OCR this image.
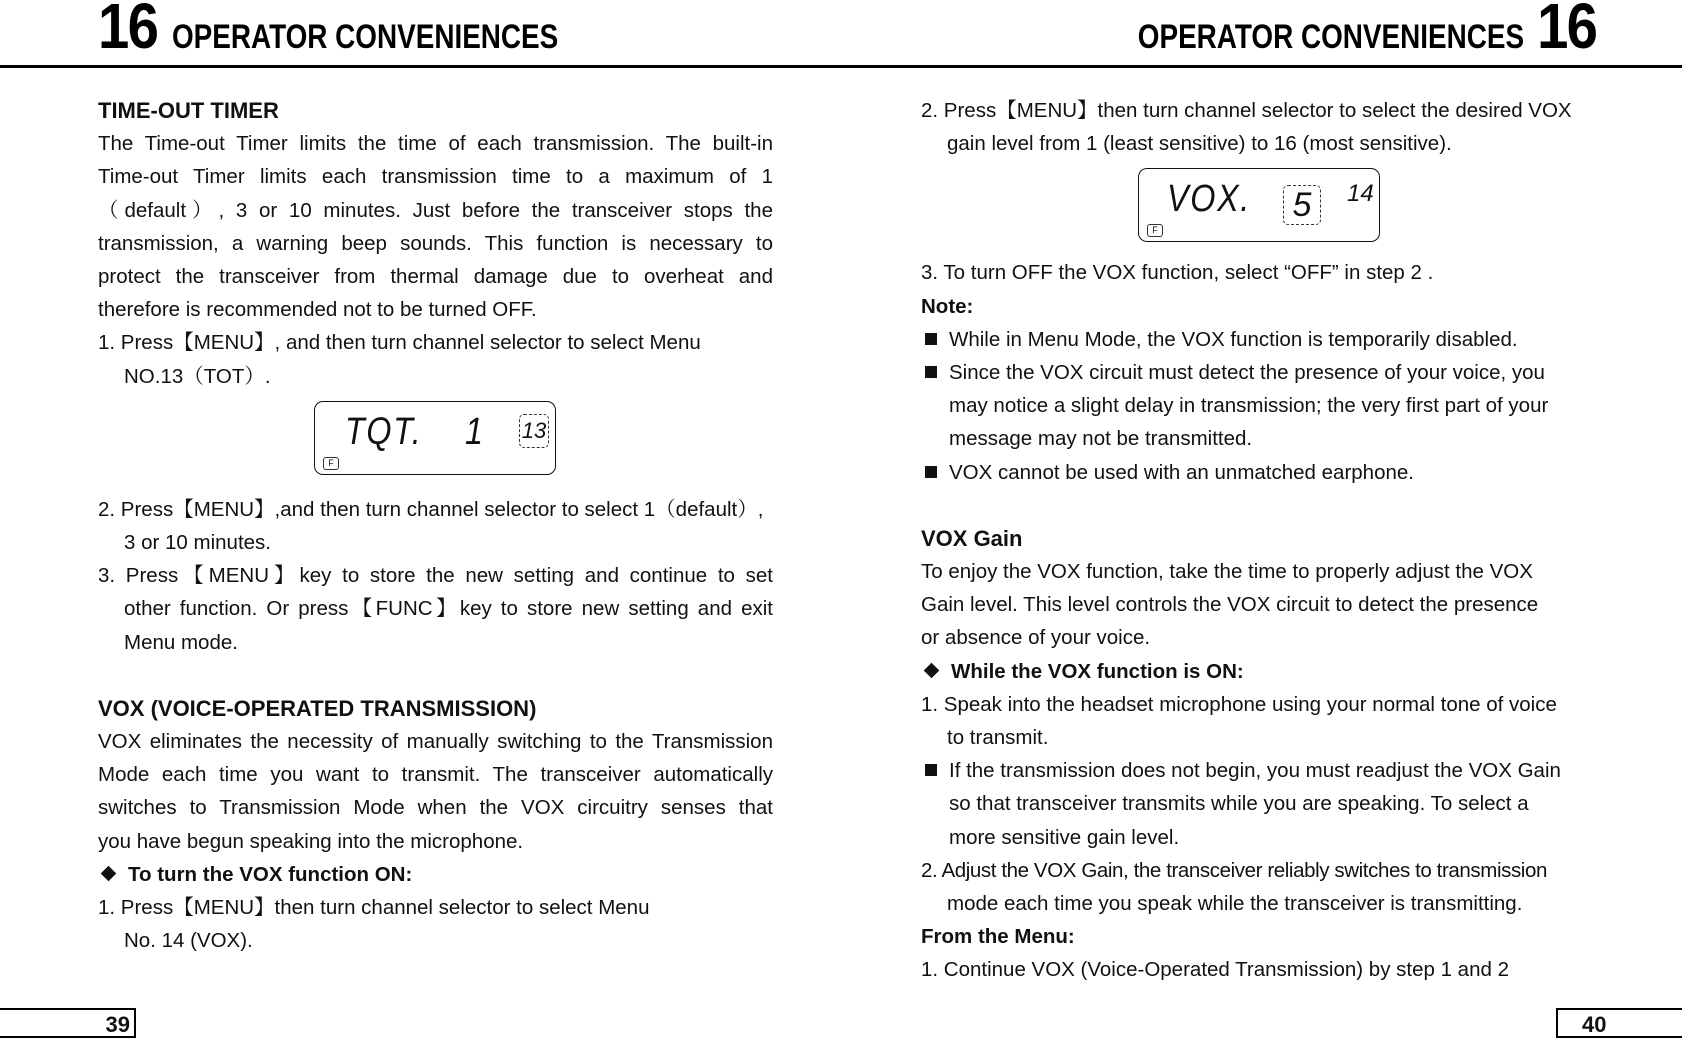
16 OPERATOR CONVENIENCES	OPERATOR CONVENIENCES 16

TIME-OUT TIMER

The Time-out Timer limits the time of each transmission. The built-in

Time-out Timer limits each transmission time to a maximum of 1

（default）, 3 or 10 minutes. Just before the transceiver stops the

transmission, a warning beep sounds. This function is necessary to

protect the transceiver from thermal damage due to overheat and

therefore is recommended not to be turned OFF.

1. Press【MENU】, and then turn channel selector to select Menu

NO.13（TOT）.

TQT. 1 13
F

2. Press【MENU】,and then turn channel selector to select 1（default）,

3 or 10 minutes.

3. Press【MENU】key to store the new setting and continue to set

other function. Or press【FUNC】key to store new setting and exit

Menu mode.

VOX (VOICE-OPERATED TRANSMISSION)

VOX eliminates the necessity of manually switching to the Transmission

Mode each time you want to transmit. The transceiver automatically

switches to Transmission Mode when the VOX circuitry senses that

you have begun speaking into the microphone.

To turn the VOX function ON:

1. Press【MENU】then turn channel selector to select Menu

No. 14 (VOX).

2. Press【MENU】then turn channel selector to select the desired VOX

gain level from 1 (least sensitive) to 16 (most sensitive).

VOX. 5	14
F

3. To turn OFF the VOX function, select “OFF” in step 2 .

Note:

While in Menu Mode, the VOX function is temporarily disabled.

Since the VOX circuit must detect the presence of your voice, you

may notice a slight delay in transmission; the very first part of your

message may not be transmitted.

VOX cannot be used with an unmatched earphone.

VOX Gain

To enjoy the VOX function, take the time to properly adjust the VOX

Gain level. This level controls the VOX circuit to detect the presence

or absence of your voice.

While the VOX function is ON:

1. Speak into the headset microphone using your normal tone of voice

to transmit.

If the transmission does not begin, you must readjust the VOX Gain

so that transceiver transmits while you are speaking. To select a

more sensitive gain level.

2. Adjust the VOX Gain, the transceiver reliably switches to transmission

mode each time you speak while the transceiver is transmitting.

From the Menu:

1. Continue VOX (Voice-Operated Transmission) by step 1 and 2

39	40
